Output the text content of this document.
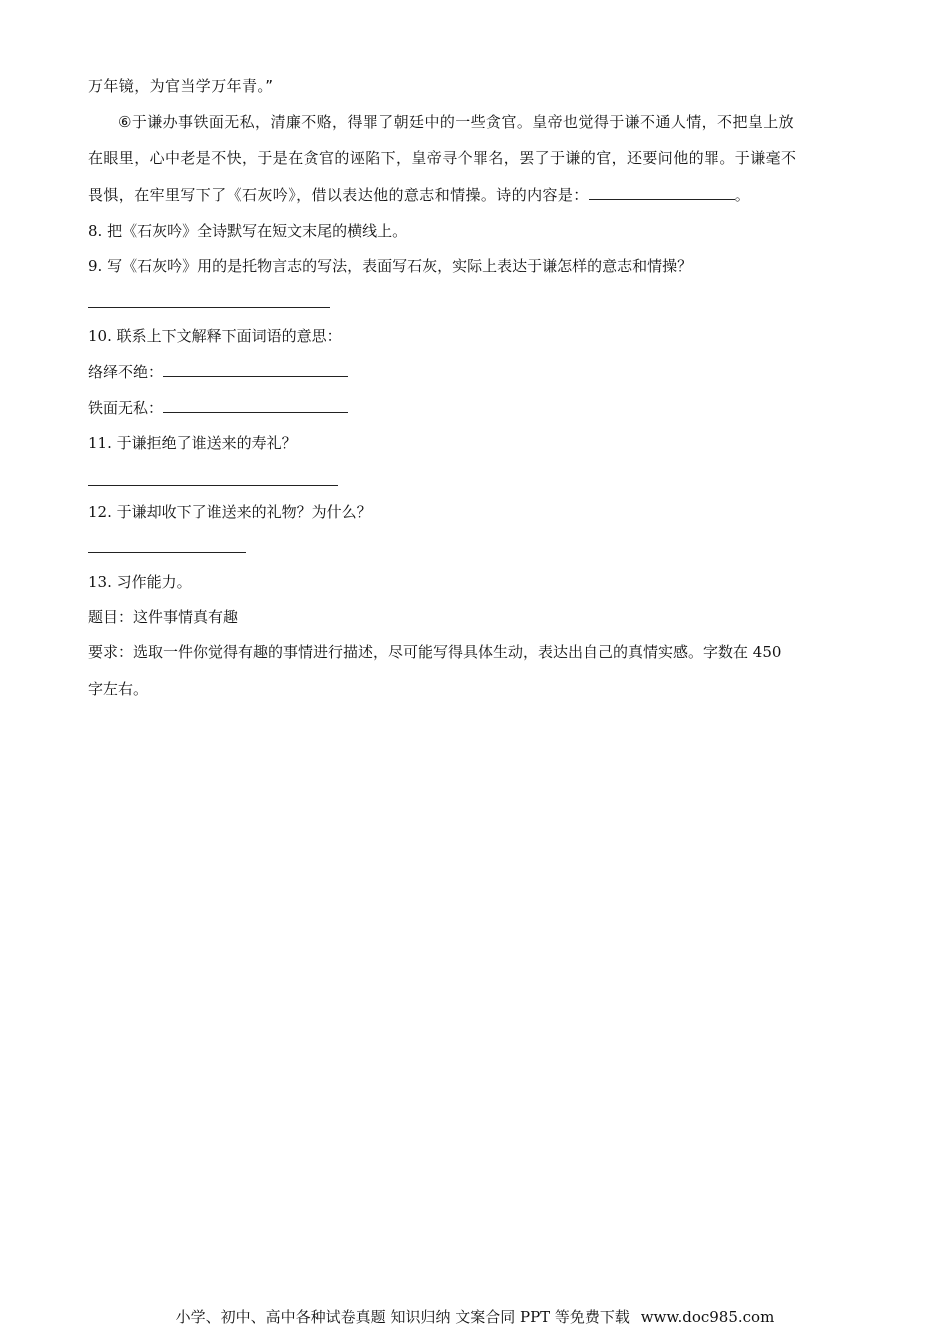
万年镜，为官当学万年青。”
⑥于谦办事铁面无私，清廉不赂，得罪了朝廷中的一些贪官。皇帝也觉得于谦不通人情，不把皇上放
在眼里，心中老是不快，于是在贪官的诬陷下，皇帝寻个罪名，罢了于谦的官，还要问他的罪。于谦毫不
畏惧，在牢里写下了《石灰吟》，借以表达他的意志和情操。诗的内容是：	。
8. 把《石灰吟》全诗默写在短文末尾的横线上。
9. 写《石灰吟》用的是托物言志的写法，表面写石灰，实际上表达于谦怎样的意志和情操？
10. 联系上下文解释下面词语的意思：
络绎不绝：
铁面无私：
11. 于谦拒绝了谁送来的寿礼？
12. 于谦却收下了谁送来的礼物？为什么？
13. 习作能力。
题目：这件事情真有趣
要求：选取一件你觉得有趣的事情进行描述，尽可能写得具体生动，表达出自己的真情实感。字数在 450
字左右。
小学、初中、高中各种试卷真题 知识归纳 文案合同 PPT 等免费下载 www.doc985.com
